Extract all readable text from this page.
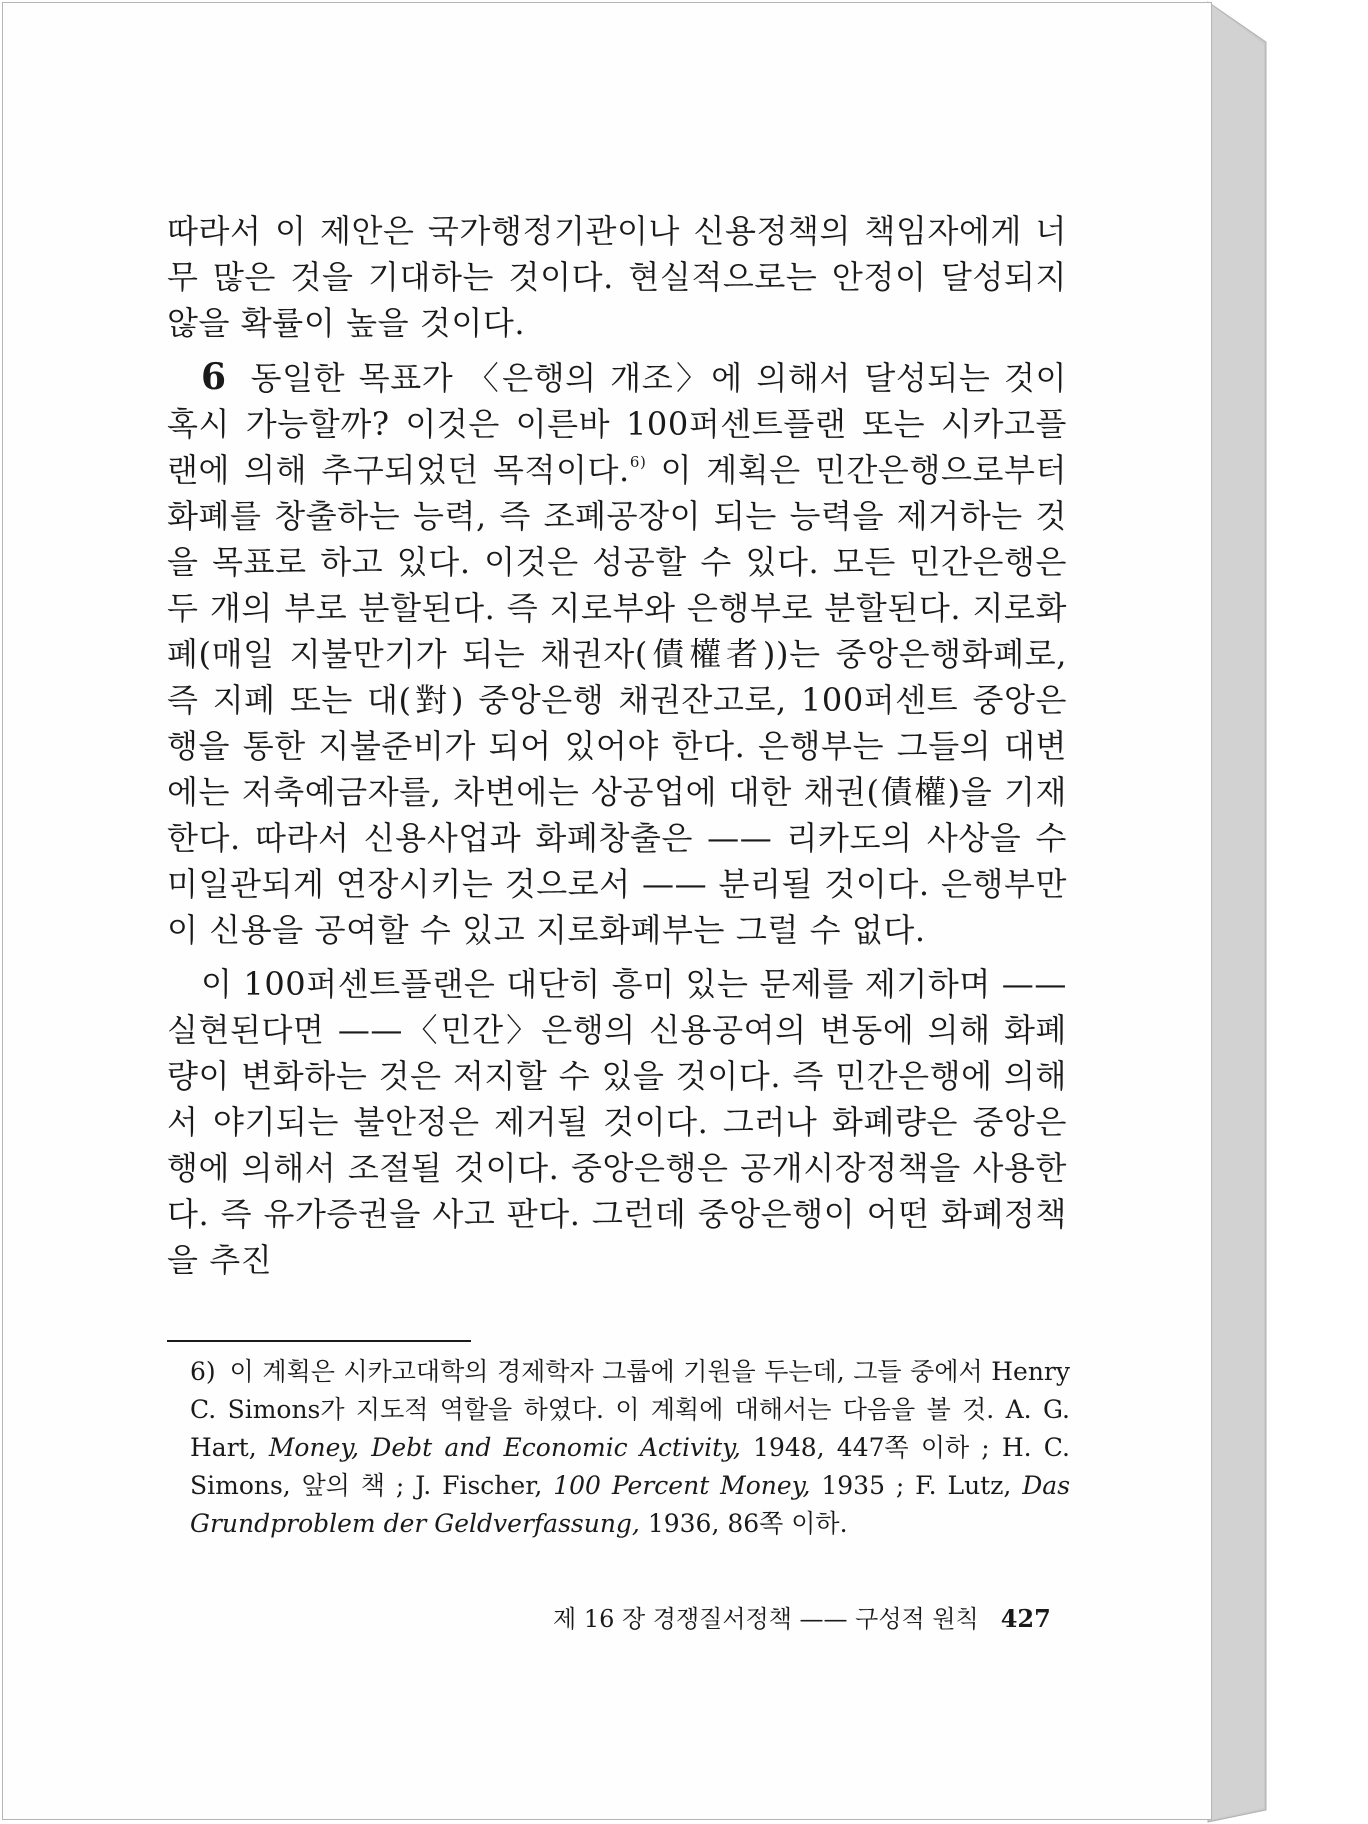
따라서 이 제안은 국가행정기관이나 신용정책의 책임자에게 너무 많은 것을 기대하는 것이다. 현실적으로는 안정이 달성되지 않을 확률이 높을 것이다.

6 동일한 목표가 〈은행의 개조〉에 의해서 달성되는 것이 혹시 가능할까? 이것은 이른바 100퍼센트플랜 또는 시카고플랜에 의해 추구되었던 목적이다.$^{6)}$ 이 계획은 민간은행으로부터 화폐를 창출하는 능력, 즉 조폐공장이 되는 능력을 제거하는 것을 목표로 하고 있다. 이것은 성공할 수 있다. 모든 민간은행은 두 개의 부로 분할된다. 즉 지로부와 은행부로 분할된다. 지로화폐(매일 지불만기가 되는 채권자(債權者))는 중앙은행화폐로, 즉 지폐 또는 대(對) 중앙은행 채권잔고로, 100퍼센트 중앙은행을 통한 지불준비가 되어 있어야 한다. 은행부는 그들의 대변에는 저축예금자를, 차변에는 상공업에 대한 채권(債權)을 기재한다. 따라서 신용사업과 화폐창출은 —— 리카도의 사상을 수미일관되게 연장시키는 것으로서 —— 분리될 것이다. 은행부만이 신용을 공여할 수 있고 지로화폐부는 그럴 수 없다.

이 100퍼센트플랜은 대단히 흥미 있는 문제를 제기하며 —— 실현된다면 ——〈민간〉은행의 신용공여의 변동에 의해 화폐량이 변화하는 것은 저지할 수 있을 것이다. 즉 민간은행에 의해서 야기되는 불안정은 제거될 것이다. 그러나 화폐량은 중앙은행에 의해서 조절될 것이다. 중앙은행은 공개시장정책을 사용한다. 즉 유가증권을 사고 판다. 그런데 중앙은행이 어떤 화폐정책을 추진

6) 이 계획은 시카고대학의 경제학자 그룹에 기원을 두는데, 그들 중에서 Henry C. Simons가 지도적 역할을 하였다. 이 계획에 대해서는 다음을 볼 것. A. G. Hart, Money, Debt and Economic Activity, 1948, 447쪽 이하 ; H. C. Simons, 앞의 책 ; J. Fischer, 100 Percent Money, 1935 ; F. Lutz, Das Grundproblem der Geldverfassung, 1936, 86쪽 이하.
제 16 장 경쟁질서정책 —— 구성적 원칙 427
